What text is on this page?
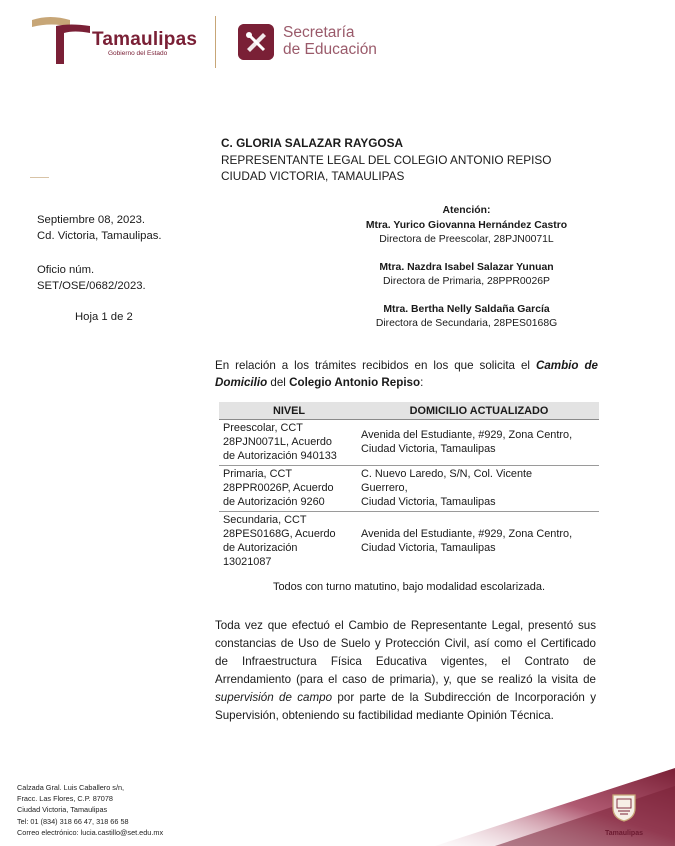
Tamaulipas
Gobierno del Estado
Secretaría
de Educación
C. GLORIA SALAZAR RAYGOSA
REPRESENTANTE LEGAL DEL COLEGIO ANTONIO REPISO
CIUDAD VICTORIA, TAMAULIPAS
Septiembre 08, 2023.
Cd. Victoria, Tamaulipas.
Oficio núm.
SET/OSE/0682/2023.
Hoja 1 de 2
Atención:
Mtra. Yurico Giovanna Hernández Castro
Directora de Preescolar, 28PJN0071L
Mtra. Nazdra Isabel Salazar Yunuan
Directora de Primaria, 28PPR0026P
Mtra. Bertha Nelly Saldaña García
Directora de Secundaria, 28PES0168G
En relación a los trámites recibidos en los que solicita el Cambio de Domicilio del Colegio Antonio Repiso:
NIVEL	DOMICILIO ACTUALIZADO
Preescolar, CCT
28PJN0071L, Acuerdo
de Autorización 940133
Avenida del Estudiante, #929, Zona Centro,
Ciudad Victoria, Tamaulipas
Primaria, CCT
28PPR0026P, Acuerdo
de Autorización 9260
C. Nuevo Laredo, S/N, Col. Vicente
Guerrero,
Ciudad Victoria, Tamaulipas
Secundaria, CCT
28PES0168G, Acuerdo
de Autorización
13021087
Avenida del Estudiante, #929, Zona Centro,
Ciudad Victoria, Tamaulipas
Todos con turno matutino, bajo modalidad escolarizada.
Toda vez que efectuó el Cambio de Representante Legal, presentó sus constancias de Uso de Suelo y Protección Civil, así como el Certificado de Infraestructura Física Educativa vigentes, el Contrato de Arrendamiento (para el caso de primaria), y, que se realizó la visita de supervisión de campo por parte de la Subdirección de Incorporación y Supervisión, obteniendo su factibilidad mediante Opinión Técnica.
Calzada Gral. Luis Caballero s/n,
Fracc. Las Flores, C.P. 87078
Ciudad Victoria, Tamaulipas
Tel: 01 (834) 318 66 47, 318 66 58
Correo electrónico: lucia.castillo@set.edu.mx	Tamaulipas
